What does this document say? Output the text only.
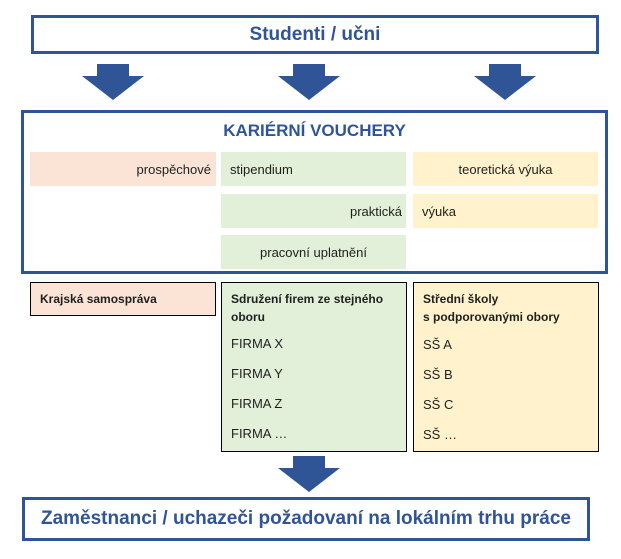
Studenti / učni
KARIÉRNÍ VOUCHERY
prospěchové stipendium	teoretická výuka
praktická výuka
pracovní uplatnění
Krajská samospráva	Sdružení firem ze stejného
oboru
FIRMA X
FIRMA Y
FIRMA Z
FIRMA …
Střední školy
s podporovanými obory
SŠ A
SŠ B
SŠ C
SŠ …
Zaměstnanci / uchazeči požadovaní na lokálním trhu práce
